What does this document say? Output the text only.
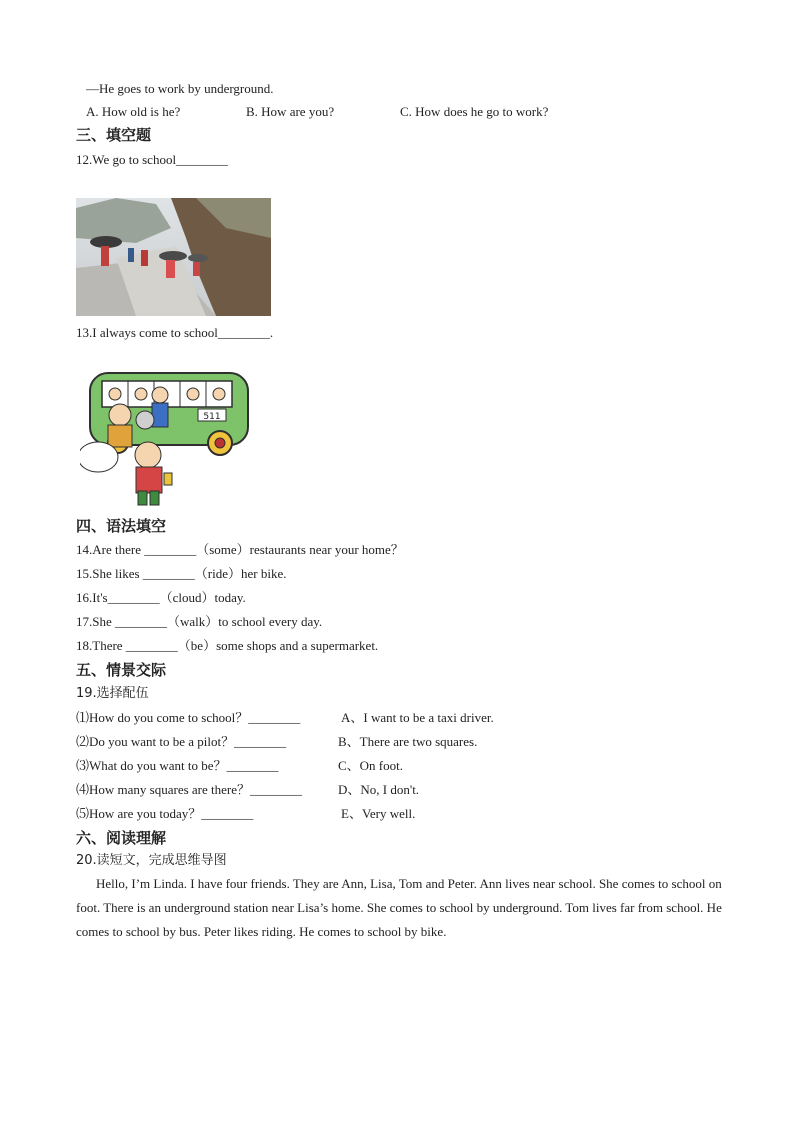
—He goes to work by underground.
A. How old is he?	B. How are you?	C. How does he go to work?
三、填空题
12.We go to school________
13.I always come to school________.
511
四、语法填空
14.Are there ________（some）restaurants near your home？
15.She likes ________（ride）her bike.
16.It's________（cloud）today.
17.She ________（walk）to school every day.
18.There ________（be）some shops and a supermarket.
五、情景交际
19.选择配伍
⑴How do you come to school？________	A、I want to be a taxi driver.
⑵Do you want to be a pilot？________	B、There are two squares.
⑶What do you want to be？________	C、On foot.
⑷How many squares are there？________	D、No, I don't.
⑸How are you today？________	E、Very well.
六、阅读理解
20.读短文，完成思维导图
Hello, I’m Linda. I have four friends. They are Ann, Lisa, Tom and Peter. Ann lives near school. She comes to school on foot. There is an underground station near Lisa’s home. She comes to school by underground. Tom lives far from school. He comes to school by bus. Peter likes riding. He comes to school by bike.
